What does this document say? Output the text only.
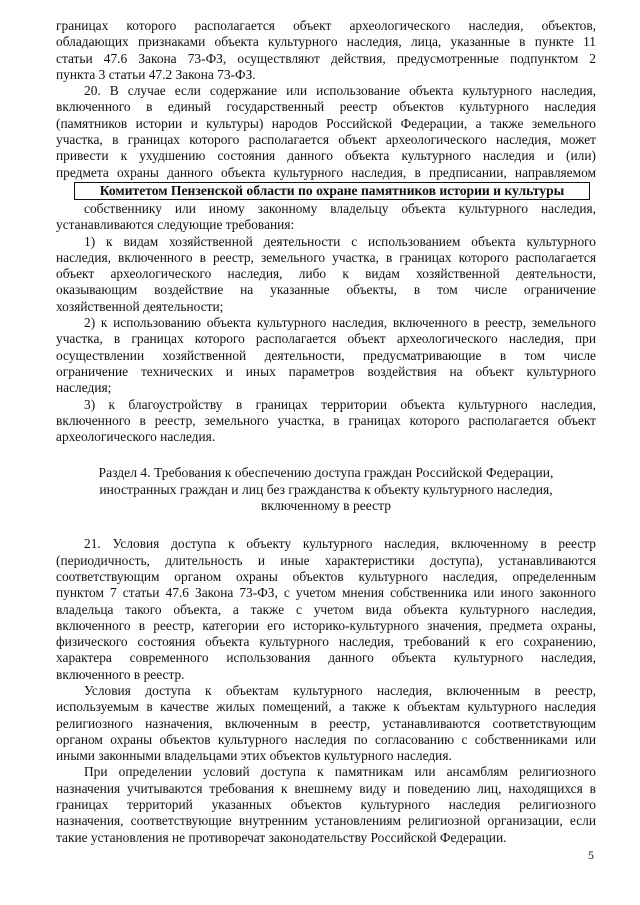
границах которого располагается объект археологического наследия, объектов,
обладающих признаками объекта культурного наследия, лица, указанные в пункте 11
статьи 47.6 Закона 73-ФЗ, осуществляют действия, предусмотренные подпунктом 2
пункта 3 статьи 47.2 Закона 73-ФЗ.
20. В случае если содержание или использование объекта культурного наследия,
включенного в единый государственный реестр объектов культурного наследия
(памятников истории и культуры) народов Российской Федерации, а также земельного
участка, в границах которого располагается объект археологического наследия, может
привести к ухудшению состояния данного объекта культурного наследия и (или)
предмета охраны данного объекта культурного наследия, в предписании, направляемом
Комитетом Пензенской области по охране памятников истории и культуры
собственнику или иному законному владельцу объекта культурного наследия,
устанавливаются следующие требования:
1) к видам хозяйственной деятельности с использованием объекта культурного
наследия, включенного в реестр, земельного участка, в границах которого располагается
объект археологического наследия, либо к видам хозяйственной деятельности,
оказывающим воздействие на указанные объекты, в том числе ограничение
хозяйственной деятельности;
2) к использованию объекта культурного наследия, включенного в реестр, земельного
участка, в границах которого располагается объект археологического наследия, при
осуществлении хозяйственной деятельности, предусматривающие в том числе
ограничение технических и иных параметров воздействия на объект культурного
наследия;
3) к благоустройству в границах территории объекта культурного наследия,
включенного в реестр, земельного участка, в границах которого располагается объект
археологического наследия.
Раздел 4. Требования к обеспечению доступа граждан Российской Федерации,
иностранных граждан и лиц без гражданства к объекту культурного наследия,
включенному в реестр
21. Условия доступа к объекту культурного наследия, включенному в реестр
(периодичность, длительность и иные характеристики доступа), устанавливаются
соответствующим органом охраны объектов культурного наследия, определенным
пунктом 7 статьи 47.6 Закона 73-ФЗ, с учетом мнения собственника или иного законного
владельца такого объекта, а также с учетом вида объекта культурного наследия,
включенного в реестр, категории его историко-культурного значения, предмета охраны,
физического состояния объекта культурного наследия, требований к его сохранению,
характера современного использования данного объекта культурного наследия,
включенного в реестр.
Условия доступа к объектам культурного наследия, включенным в реестр,
используемым в качестве жилых помещений, а также к объектам культурного наследия
религиозного назначения, включенным в реестр, устанавливаются соответствующим
органом охраны объектов культурного наследия по согласованию с собственниками или
иными законными владельцами этих объектов культурного наследия.
При определении условий доступа к памятникам или ансамблям религиозного
назначения учитываются требования к внешнему виду и поведению лиц, находящихся в
границах территорий указанных объектов культурного наследия религиозного
назначения, соответствующие внутренним установлениям религиозной организации, если
такие установления не противоречат законодательству Российской Федерации.
5
